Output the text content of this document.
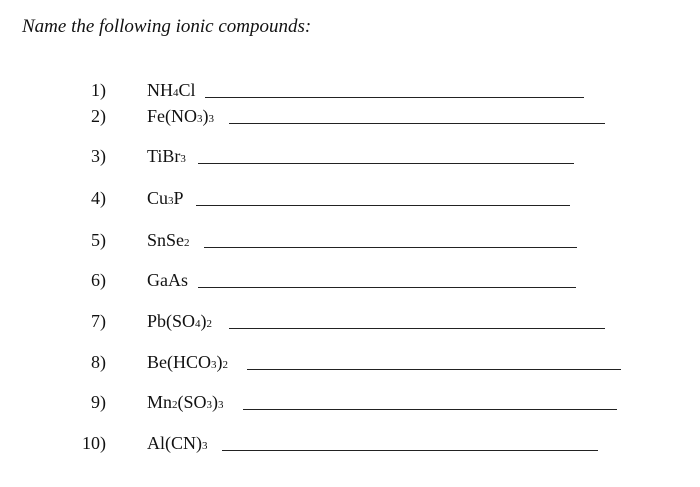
Name the following ionic compounds:
1) NH4Cl
2) Fe(NO3)3
3) TiBr3
4) Cu3P
5) SnSe2
6) GaAs
7) Pb(SO4)2
8) Be(HCO3)2
9) Mn2(SO3)3
10) Al(CN)3
